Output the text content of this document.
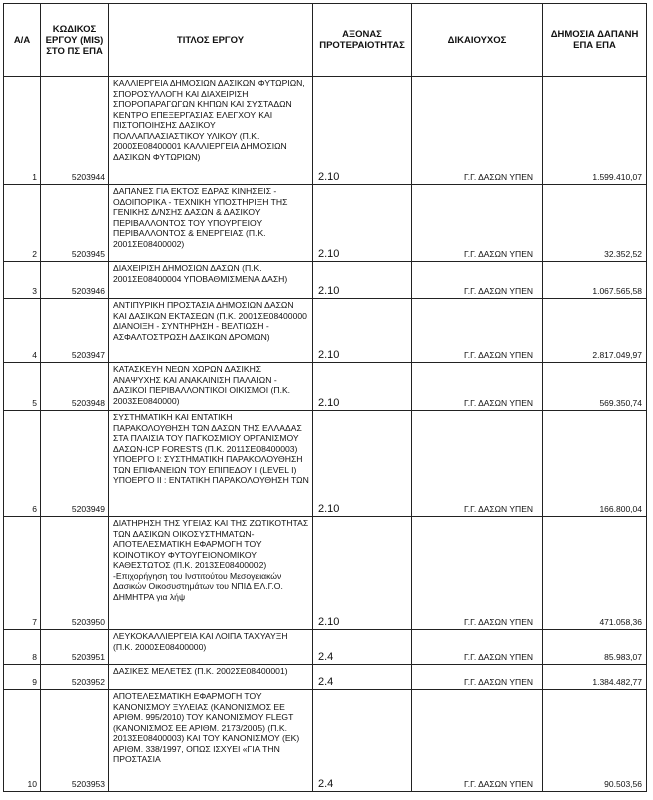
Α/Α	ΚΩΔΙΚΟΣ ΕΡΓΟΥ (MIS) ΣΤΟ ΠΣ ΕΠΑ	ΤΙΤΛΟΣ ΕΡΓΟΥ	ΑΞΟΝΑΣ ΠΡΟΤΕΡΑΙΟΤΗΤΑΣ	ΔΙΚΑΙΟΥΧΟΣ	ΔΗΜΟΣΙΑ ΔΑΠΑΝΗ ΕΠΑ ΕΠΑ
1	5203944	ΚΑΛΛΙΕΡΓΕΙΑ ΔΗΜΟΣΙΩΝ ΔΑΣΙΚΩΝ ΦΥΤΩΡΙΩΝ, ΣΠΟΡΟΣΥΛΛΟΓΗ ΚΑΙ ΔΙΑΧΕΙΡΙΣΗ ΣΠΟΡΟΠΑΡΑΓΩΓΩΝ ΚΗΠΩΝ ΚΑΙ ΣΥΣΤΑΔΩΝ ΚΕΝΤΡΟ ΕΠΕΞΕΡΓΑΣΙΑΣ ΕΛΕΓΧΟΥ ΚΑΙ ΠΙΣΤΟΠΟΙΗΣΗΣ ΔΑΣΙΚΟΥ ΠΟΛΛΑΠΛΑΣΙΑΣΤΙΚΟΥ ΥΛΙΚΟΥ (Π.Κ. 2000ΣΕ08400001 ΚΑΛΛΙΕΡΓΕΙΑ ΔΗΜΟΣΙΩΝ ΔΑΣΙΚΩΝ ΦΥΤΩΡΙΩΝ)	2.10	Γ.Γ. ΔΑΣΩΝ ΥΠΕΝ	1.599.410,07
2	5203945	ΔΑΠΑΝΕΣ ΓΙΑ ΕΚΤΟΣ ΕΔΡΑΣ ΚΙΝΗΣΕΙΣ - ΟΔΟΙΠΟΡΙΚΑ - ΤΕΧΝΙΚΗ ΥΠΟΣΤΗΡΙΞΗ ΤΗΣ ΓΕΝΙΚΗΣ Δ/ΝΣΗΣ ΔΑΣΩΝ & ΔΑΣΙΚΟΥ ΠΕΡΙΒΑΛΛΟΝΤΟΣ ΤΟΥ ΥΠΟΥΡΓΕΙΟΥ ΠΕΡΙΒΑΛΛΟΝΤΟΣ & ΕΝΕΡΓΕΙΑΣ (Π.Κ. 2001ΣΕ08400002)	2.10	Γ.Γ. ΔΑΣΩΝ ΥΠΕΝ	32.352,52
3	5203946	ΔΙΑΧΕΙΡΙΣΗ ΔΗΜΟΣΙΩΝ ΔΑΣΩΝ (Π.Κ. 2001ΣΕ08400004 ΥΠΟΒΑΘΜΙΣΜΕΝΑ ΔΑΣΗ)	2.10	Γ.Γ. ΔΑΣΩΝ ΥΠΕΝ	1.067.565,58
4	5203947	ΑΝΤΙΠΥΡΙΚΗ ΠΡΟΣΤΑΣΙΑ ΔΗΜΟΣΙΩΝ ΔΑΣΩΝ ΚΑΙ ΔΑΣΙΚΩΝ ΕΚΤΑΣΕΩΝ (Π.Κ. 2001ΣΕ08400000 ΔΙΑΝΟΙΞΗ - ΣΥΝΤΗΡΗΣΗ - ΒΕΛΤΙΩΣΗ - ΑΣΦΑΛΤΟΣΤΡΩΣΗ ΔΑΣΙΚΩΝ ΔΡΟΜΩΝ)	2.10	Γ.Γ. ΔΑΣΩΝ ΥΠΕΝ	2.817.049,97
5	5203948	ΚΑΤΑΣΚΕΥΗ ΝΕΩΝ ΧΩΡΩΝ ΔΑΣΙΚΗΣ ΑΝΑΨΥΧΗΣ ΚΑΙ ΑΝΑΚΑΙΝΙΣΗ ΠΑΛΑΙΩΝ - ΔΑΣΙΚΟΙ ΠΕΡΙΒΑΛΛΟΝΤΙΚΟΙ ΟΙΚΙΣΜΟΙ (Π.Κ. 2003ΣΕ0840000)	2.10	Γ.Γ. ΔΑΣΩΝ ΥΠΕΝ	569.350,74
6	5203949	ΣΥΣΤΗΜΑΤΙΚΗ ΚΑΙ ΕΝΤΑΤΙΚΗ ΠΑΡΑΚΟΛΟΥΘΗΣΗ ΤΩΝ ΔΑΣΩΝ ΤΗΣ ΕΛΛΑΔΑΣ ΣΤΑ ΠΛΑΙΣΙΑ ΤΟΥ ΠΑΓΚΟΣΜΙΟΥ ΟΡΓΑΝΙΣΜΟΥ ΔΑΣΩΝ-ICP FORESTS (Π.Κ. 2011ΣΕ08400003) ΥΠΟΕΡΓΟ Ι: ΣΥΣΤΗΜΑΤΙΚΗ ΠΑΡΑΚΟΛΟΥΘΗΣΗ ΤΩΝ ΕΠΙΦΑΝΕΙΩΝ ΤΟΥ ΕΠΙΠΕΔΟΥ Ι (LEVEL I) ΥΠΟΕΡΓΟ ΙΙ : ΕΝΤΑΤΙΚΗ ΠΑΡΑΚΟΛΟΥΘΗΣΗ ΤΩΝ	2.10	Γ.Γ. ΔΑΣΩΝ ΥΠΕΝ	166.800,04
7	5203950	ΔΙΑΤΗΡΗΣΗ ΤΗΣ ΥΓΕΙΑΣ ΚΑΙ ΤΗΣ ΖΩΤΙΚΟΤΗΤΑΣ ΤΩΝ ΔΑΣΙΚΩΝ ΟΙΚΟΣΥΣΤΗΜΑΤΩΝ-ΑΠΟΤΕΛΕΣΜΑΤΙΚΗ ΕΦΑΡΜΟΓΗ ΤΟΥ ΚΟΙΝΟΤΙΚΟΥ ΦΥΤΟΥΓΕΙΟΝΟΜΙΚΟΥ ΚΑΘΕΣΤΩΤΟΣ (Π.Κ. 2013ΣΕ08400002) -Επιχορήγηση του Ινστιτούτου Μεσογειακών Δασικών Οικοσυστημάτων του ΝΠΙΔ ΕΛ.Γ.Ο. ΔΗΜΗΤΡΑ για λήψ	2.10	Γ.Γ. ΔΑΣΩΝ ΥΠΕΝ	471.058,36
8	5203951	ΛΕΥΚΟΚΑΛΛΙΕΡΓΕΙΑ ΚΑΙ ΛΟΙΠΑ ΤΑΧΥΑΥΞΗ (Π.Κ. 2000ΣΕ08400000)	2.4	Γ.Γ. ΔΑΣΩΝ ΥΠΕΝ	85.983,07
9	5203952	ΔΑΣΙΚΕΣ ΜΕΛΕΤΕΣ (Π.Κ. 2002ΣΕ08400001)	2.4	Γ.Γ. ΔΑΣΩΝ ΥΠΕΝ	1.384.482,77
10	5203953	ΑΠΟΤΕΛΕΣΜΑΤΙΚΗ ΕΦΑΡΜΟΓΗ ΤΟΥ ΚΑΝΟΝΙΣΜΟΥ ΞΥΛΕΙΑΣ (ΚΑΝΟΝΙΣΜΟΣ ΕΕ ΑΡΙΘΜ. 995/2010) ΤΟΥ ΚΑΝΟΝΙΣΜΟΥ FLEGT (ΚΑΝΟΝΙΣΜΟΣ ΕΕ ΑΡΙΘΜ. 2173/2005) (Π.Κ. 2013ΣΕ08400003) ΚΑΙ ΤΟΥ ΚΑΝΟΝΙΣΜΟΥ (ΕΚ) ΑΡΙΘΜ. 338/1997, ΟΠΩΣ ΙΣΧΥΕΙ «ΓΙΑ ΤΗΝ ΠΡΟΣΤΑΣΙΑ	2.4	Γ.Γ. ΔΑΣΩΝ ΥΠΕΝ	90.503,56
